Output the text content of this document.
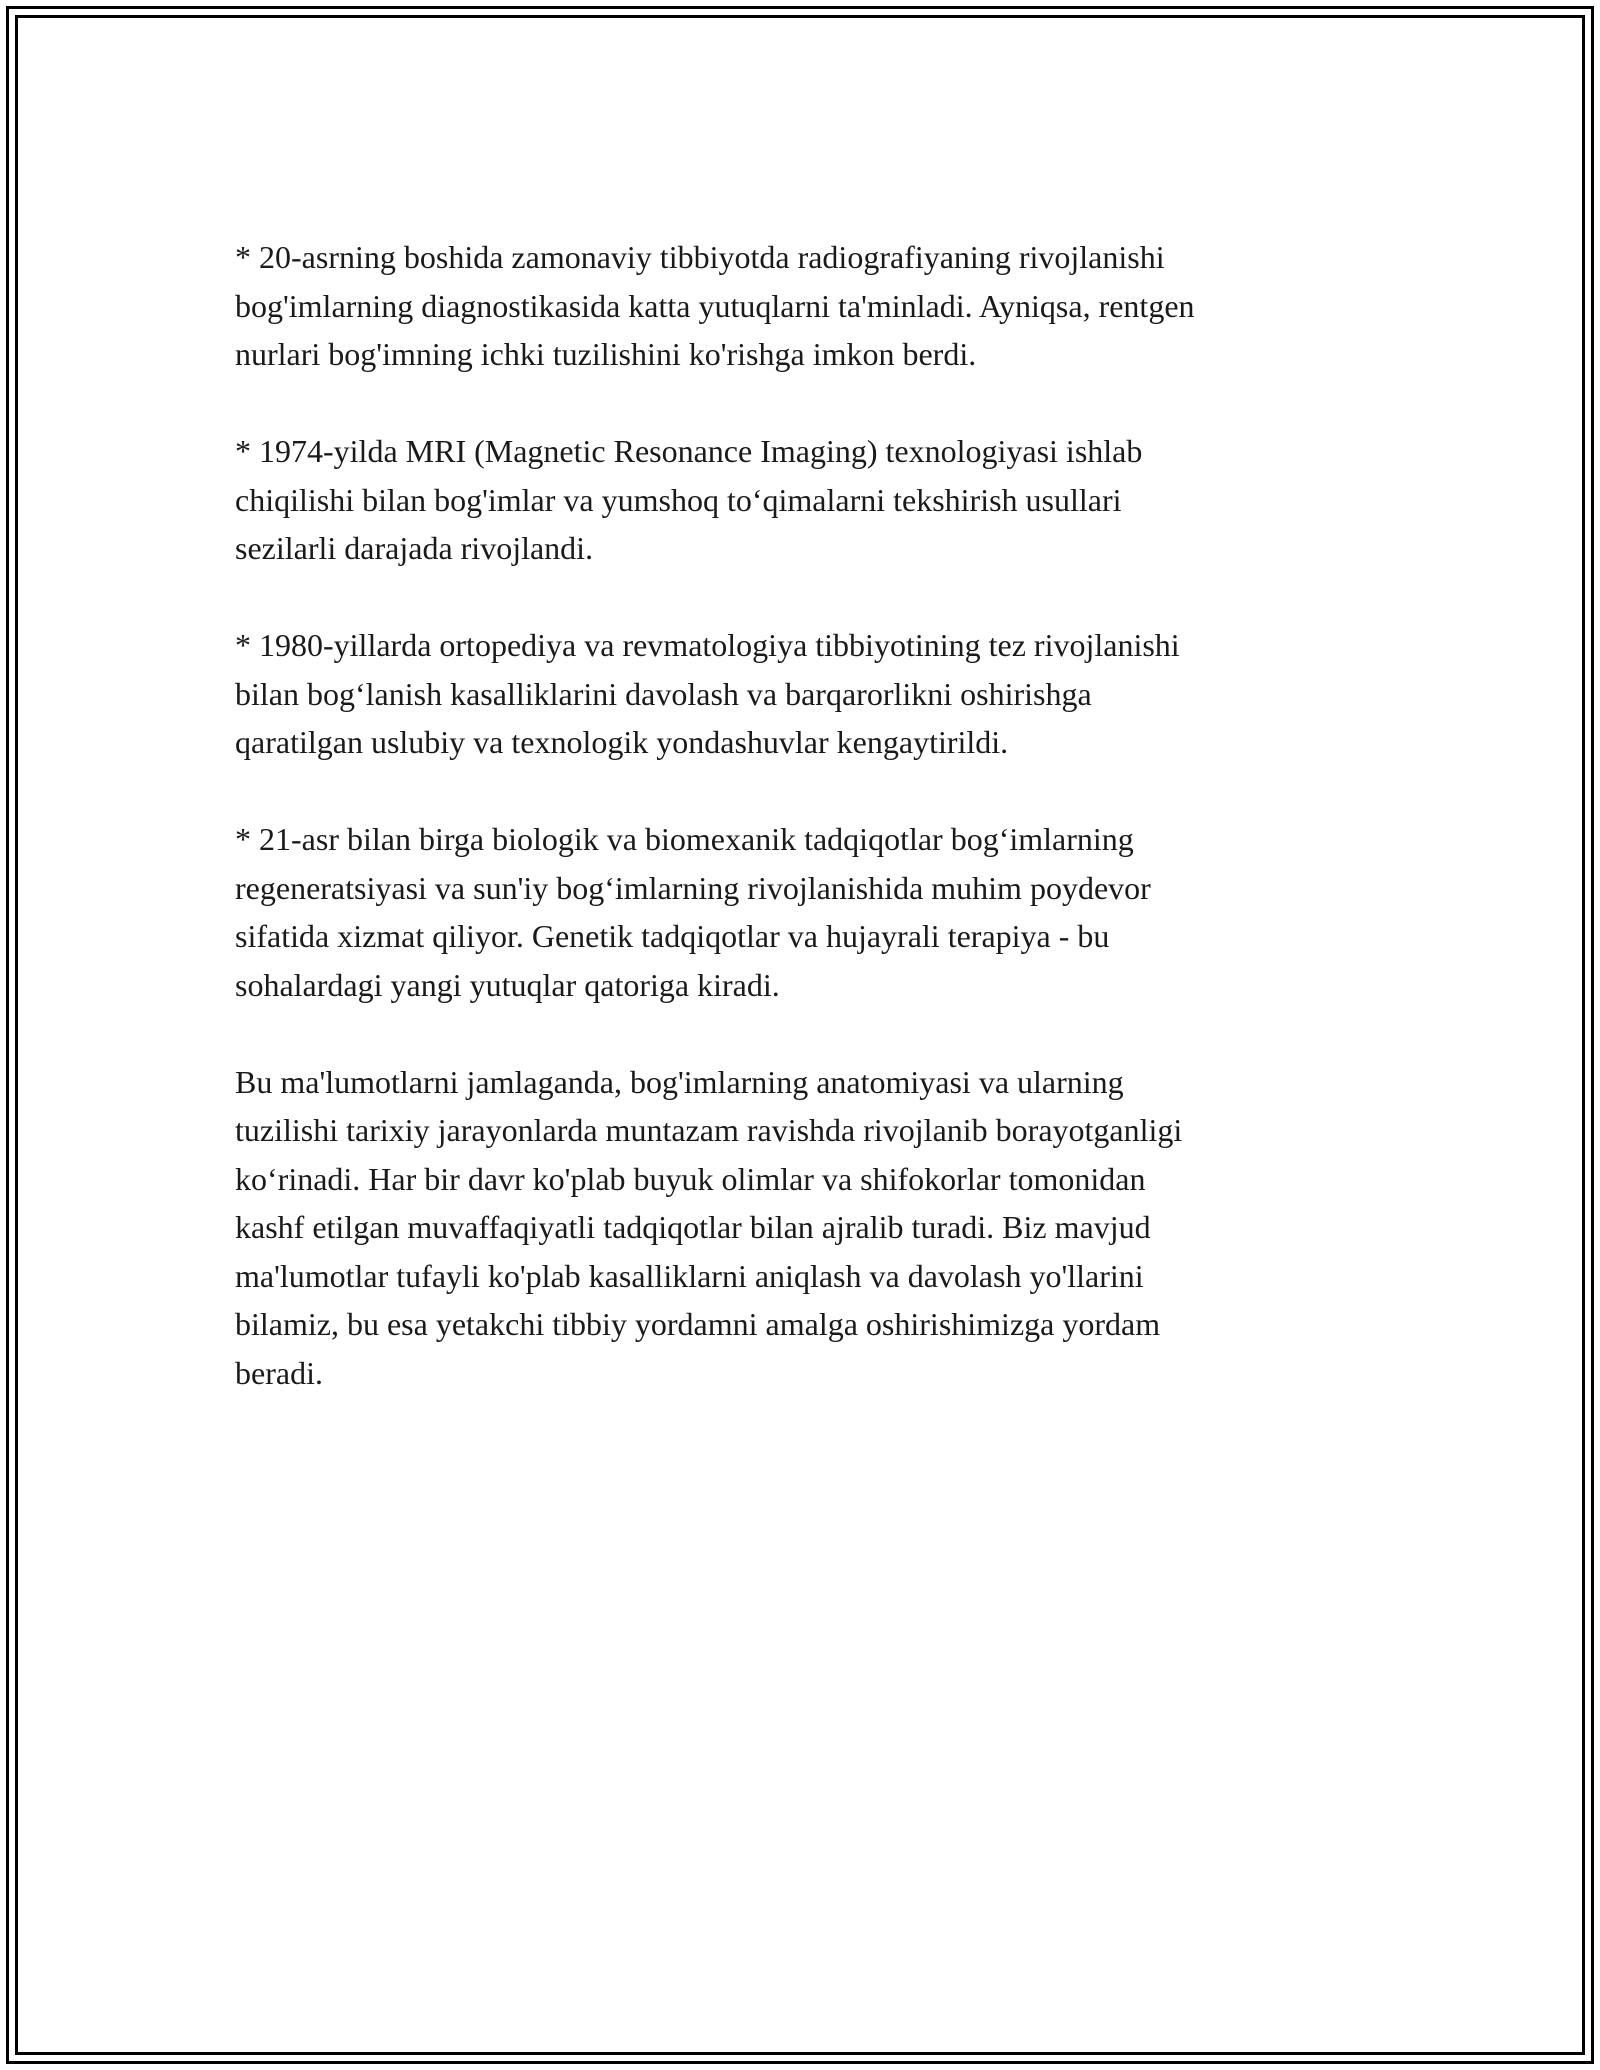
* 20-asrning boshida zamonaviy tibbiyotda radiografiyaning rivojlanishi
bog'imlarning diagnostikasida katta yutuqlarni ta'minladi. Ayniqsa, rentgen
nurlari bog'imning ichki tuzilishini ko'rishga imkon berdi.

* 1974-yilda MRI (Magnetic Resonance Imaging) texnologiyasi ishlab
chiqilishi bilan bog'imlar va yumshoq to‘qimalarni tekshirish usullari
sezilarli darajada rivojlandi.

* 1980-yillarda ortopediya va revmatologiya tibbiyotining tez rivojlanishi
bilan bog‘lanish kasalliklarini davolash va barqarorlikni oshirishga
qaratilgan uslubiy va texnologik yondashuvlar kengaytirildi.

* 21-asr bilan birga biologik va biomexanik tadqiqotlar bog‘imlarning
regeneratsiyasi va sun'iy bog‘imlarning rivojlanishida muhim poydevor
sifatida xizmat qiliyor. Genetik tadqiqotlar va hujayrali terapiya - bu
sohalardagi yangi yutuqlar qatoriga kiradi.

Bu ma'lumotlarni jamlaganda, bog'imlarning anatomiyasi va ularning
tuzilishi tarixiy jarayonlarda muntazam ravishda rivojlanib borayotganligi
ko‘rinadi. Har bir davr ko'plab buyuk olimlar va shifokorlar tomonidan
kashf etilgan muvaffaqiyatli tadqiqotlar bilan ajralib turadi. Biz mavjud
ma'lumotlar tufayli ko'plab kasalliklarni aniqlash va davolash yo'llarini
bilamiz, bu esa yetakchi tibbiy yordamni amalga oshirishimizga yordam
beradi.
